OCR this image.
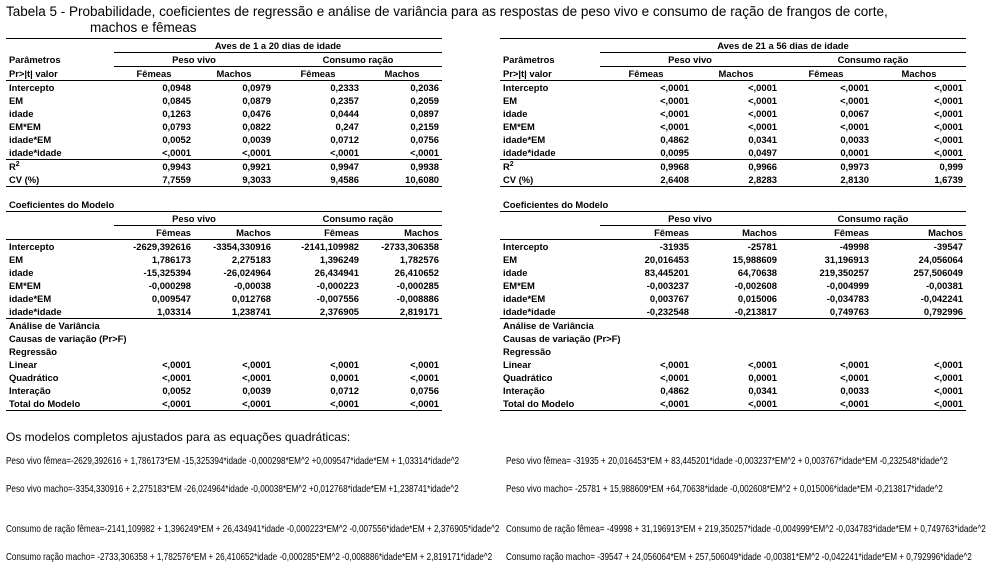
Tabela 5 - Probabilidade, coeficientes de regressão e análise de variância para as respostas de peso vivo e consumo de ração de frangos de corte,
machos e fêmeas
	Aves de 1 a 20 dias de idade			
Parâmetros	Peso vivo		Consumo ração	
Pr>|t| valor	Fêmeas	Machos	Fêmeas	Machos
Intercepto	0,0948	0,0979	0,2333	0,2036
EM	0,0845	0,0879	0,2357	0,2059
idade	0,1263	0,0476	0,0444	0,0897
EM*EM	0,0793	0,0822	0,247	0,2159
idade*EM	0,0052	0,0039	0,0712	0,0756
idade*idade	<,0001	<,0001	<,0001	<,0001
$R^2$	0,9943	0,9921	0,9947	0,9938
CV (%)	7,7559	9,3033	9,4586	10,6080
Coeficientes do Modelo				
	Peso vivo		Consumo ração	
	Fêmeas	Machos	Fêmeas	Machos
Intercepto	-2629,392616	-3354,330916	-2141,109982	-2733,306358
EM	1,786173	2,275183	1,396249	1,782576
idade	-15,325394	-26,024964	26,434941	26,410652
EM*EM	-0,000298	-0,00038	-0,000223	-0,000285
idade*EM	0,009547	0,012768	-0,007556	-0,008886
idade*idade	1,03314	1,238741	2,376905	2,819171
Análise de Variância				
Causas de variação (Pr>F)				
Regressão				
Linear	<,0001	<,0001	<,0001	<,0001
Quadrático	<,0001	<,0001	0,0001	<,0001
Interação	0,0052	0,0039	0,0712	0,0756
Total do Modelo	<,0001	<,0001	<,0001	<,0001
	Aves de 21 a 56 dias de idade			
Parâmetros	Peso vivo		Consumo ração	
Pr>|t| valor	Fêmeas	Machos	Fêmeas	Machos
Intercepto	<,0001	<,0001	<,0001	<,0001
EM	<,0001	<,0001	<,0001	<,0001
idade	<,0001	<,0001	0,0067	<,0001
EM*EM	<,0001	<,0001	<,0001	<,0001
idade*EM	0,4862	0,0341	0,0033	<,0001
idade*idade	0,0095	0,0497	0,0001	<,0001
$R^2$	0,9968	0,9966	0,9973	0,999
CV (%)	2,6408	2,8283	2,8130	1,6739
Coeficientes do Modelo				
	Peso vivo		Consumo ração	
	Fêmeas	Machos	Fêmeas	Machos
Intercepto	-31935	-25781	-49998	-39547
EM	20,016453	15,988609	31,196913	24,056064
idade	83,445201	64,70638	219,350257	257,506049
EM*EM	-0,003237	-0,002608	-0,004999	-0,00381
idade*EM	0,003767	0,015006	-0,034783	-0,042241
idade*idade	-0,232548	-0,213817	0,749763	0,792996
Análise de Variância				
Causas de variação (Pr>F)				
Regressão				
Linear	<,0001	<,0001	<,0001	<,0001
Quadrático	<,0001	0,0001	<,0001	<,0001
Interação	0,4862	0,0341	0,0033	<,0001
Total do Modelo	<,0001	<,0001	<,0001	<,0001
Os modelos completos ajustados para as equações quadráticas:
Peso vivo fêmea=-2629,392616 + 1,786173*EM -15,325394*idade -0,000298*EM^2 +0,009547*idade*EM + 1,03314*idade^2
Peso vivo macho=-3354,330916 + 2,275183*EM -26,024964*idade -0,00038*EM^2 +0,012768*idade*EM +1,238741*idade^2
Consumo de ração fêmea=-2141,109982 + 1,396249*EM + 26,434941*idade -0,000223*EM^2 -0,007556*idade*EM + 2,376905*idade^2
Consumo ração macho= -2733,306358 + 1,782576*EM + 26,410652*idade -0,000285*EM^2 -0,008886*idade*EM + 2,819171*idade^2
Peso vivo fêmea= -31935 + 20,016453*EM + 83,445201*idade -0,003237*EM^2 + 0,003767*idade*EM -0,232548*idade^2
Peso vivo macho= -25781 + 15,988609*EM +64,70638*idade -0,002608*EM^2 + 0,015006*idade*EM -0,213817*idade^2
Consumo de ração fêmea= -49998 + 31,196913*EM + 219,350257*idade -0,004999*EM^2 -0,034783*idade*EM + 0,749763*idade^2
Consumo ração macho= -39547 + 24,056064*EM + 257,506049*idade -0,00381*EM^2 -0,042241*idade*EM + 0,792996*idade^2
